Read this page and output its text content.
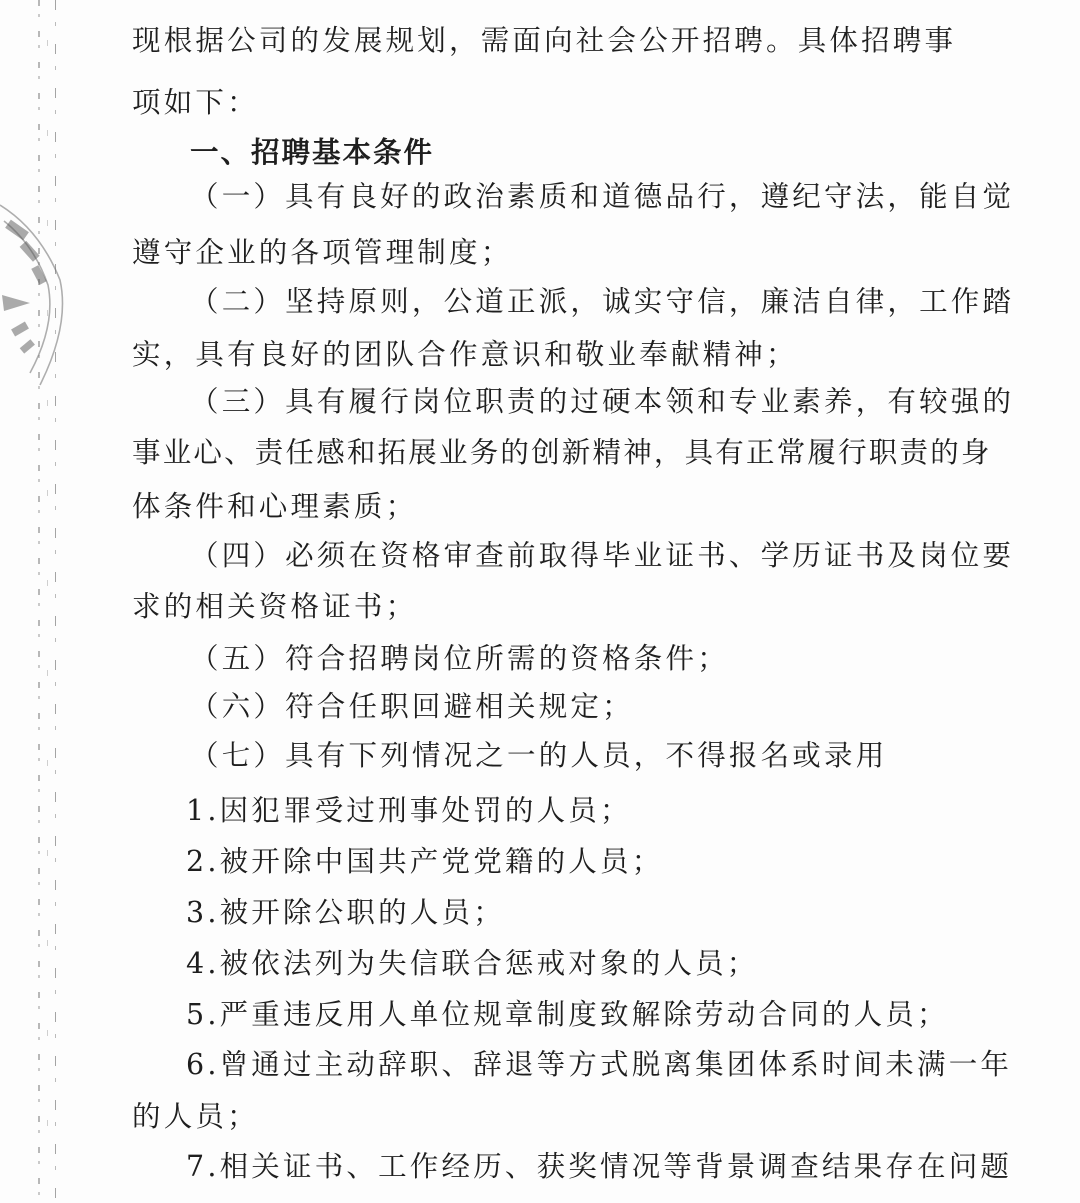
现根据公司的发展规划，需面向社会公开招聘。具体招聘事
项如下：
一、招聘基本条件
（一）具有良好的政治素质和道德品行，遵纪守法，能自觉
遵守企业的各项管理制度；
（二）坚持原则，公道正派，诚实守信，廉洁自律，工作踏
实，具有良好的团队合作意识和敬业奉献精神；
（三）具有履行岗位职责的过硬本领和专业素养，有较强的
事业心、责任感和拓展业务的创新精神，具有正常履行职责的身
体条件和心理素质；
（四）必须在资格审查前取得毕业证书、学历证书及岗位要
求的相关资格证书；
（五）符合招聘岗位所需的资格条件；
（六）符合任职回避相关规定；
（七）具有下列情况之一的人员，不得报名或录用
1.因犯罪受过刑事处罚的人员；
2.被开除中国共产党党籍的人员；
3.被开除公职的人员；
4.被依法列为失信联合惩戒对象的人员；
5.严重违反用人单位规章制度致解除劳动合同的人员；
6.曾通过主动辞职、辞退等方式脱离集团体系时间未满一年
的人员；
7.相关证书、工作经历、获奖情况等背景调查结果存在问题
